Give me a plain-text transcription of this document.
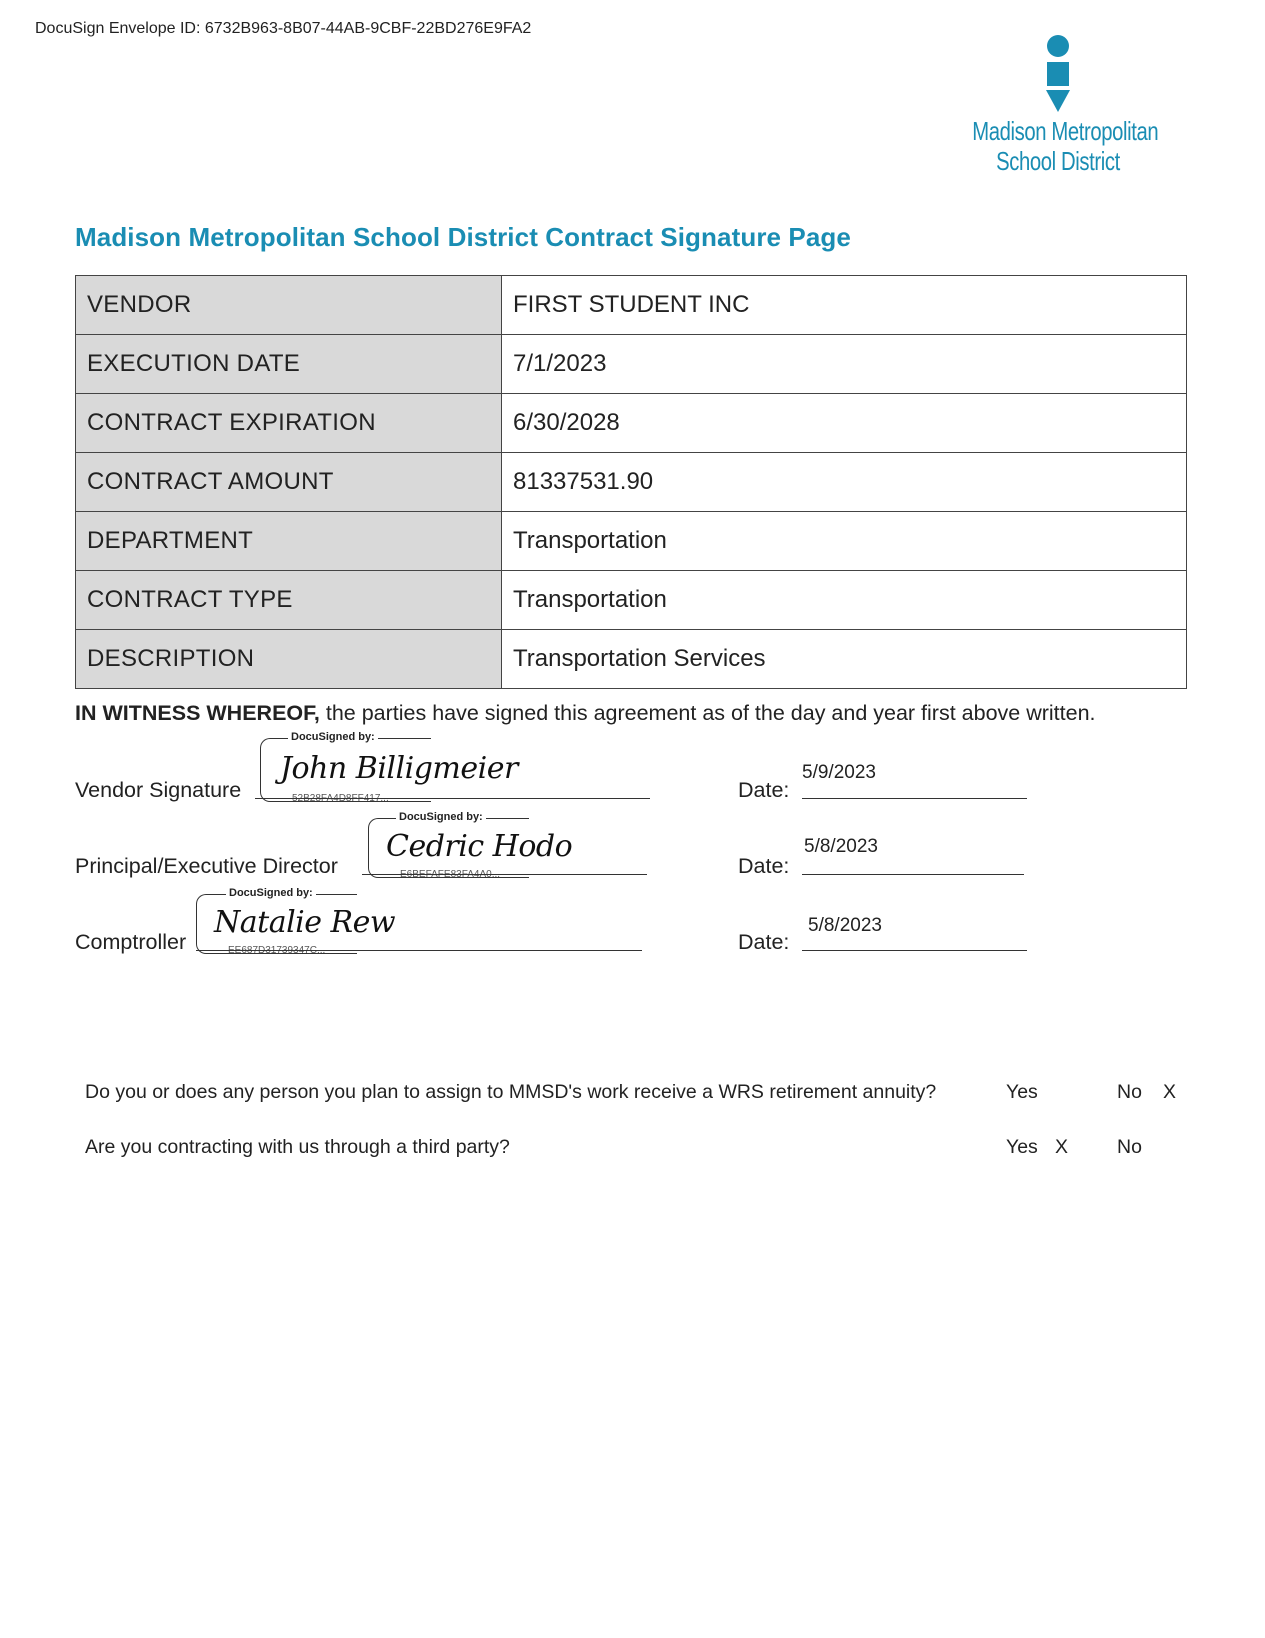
DocuSign Envelope ID: 6732B963-8B07-44AB-9CBF-22BD276E9FA2
Madison Metropolitan
School District
Madison Metropolitan School District Contract Signature Page
VENDOR	FIRST STUDENT INC
EXECUTION DATE	7/1/2023
CONTRACT EXPIRATION	6/30/2028
CONTRACT AMOUNT	81337531.90
DEPARTMENT	Transportation
CONTRACT TYPE	Transportation
DESCRIPTION	Transportation Services
IN WITNESS WHEREOF, the parties have signed this agreement as of the day and year first above written.
Vendor Signature
DocuSigned by:
John Billigmeier
52B28FA4D8FF417...	Date:
5/9/2023
Principal/Executive Director
DocuSigned by:
Cedric Hodo
E6BEFAFE83FA4A0...	Date:
5/8/2023
Comptroller
DocuSigned by:
Natalie Rew
EE687D31739347C...	Date:
5/8/2023
Do you or does any person you plan to assign to MMSD's work receive a WRS retirement annuity?	Yes	No X
Are you contracting with us through a third party?	Yes X	No
